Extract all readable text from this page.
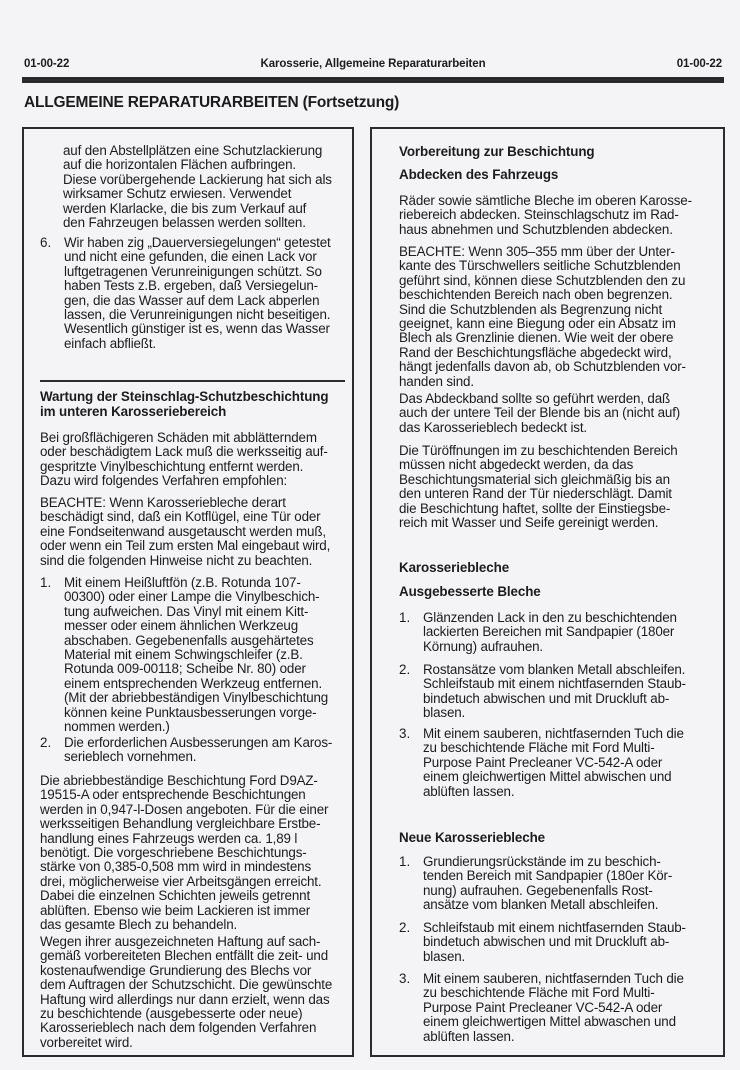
01-00-22	Karosserie, Allgemeine Reparaturarbeiten	01-00-22
ALLGEMEINE REPARATURARBEITEN (Fortsetzung)
auf den Abstellplätzen eine Schutzlackierung
auf die horizontalen Flächen aufbringen.
Diese vorübergehende Lackierung hat sich als
wirksamer Schutz erwiesen. Verwendet
werden Klarlacke, die bis zum Verkauf auf
den Fahrzeugen belassen werden sollten.
6. Wir haben zig „Dauerversiegelungen“ getestet
und nicht eine gefunden, die einen Lack vor
luftgetragenen Verunreinigungen schützt. So
haben Tests z.B. ergeben, daß Versiegelun-
gen, die das Wasser auf dem Lack abperlen
lassen, die Verunreinigungen nicht beseitigen.
Wesentlich günstiger ist es, wenn das Wasser
einfach abfließt.
Wartung der Steinschlag-Schutzbeschichtung
im unteren Karosseriebereich
Bei großflächigeren Schäden mit abblätterndem
oder beschädigtem Lack muß die werksseitig auf-
gespritzte Vinylbeschichtung entfernt werden.
Dazu wird folgendes Verfahren empfohlen:
BEACHTE: Wenn Karosseriebleche derart
beschädigt sind, daß ein Kotflügel, eine Tür oder
eine Fondseitenwand ausgetauscht werden muß,
oder wenn ein Teil zum ersten Mal eingebaut wird,
sind die folgenden Hinweise nicht zu beachten.
1. Mit einem Heißluftfön (z.B. Rotunda 107-
00300) oder einer Lampe die Vinylbeschich-
tung aufweichen. Das Vinyl mit einem Kitt-
messer oder einem ähnlichen Werkzeug
abschaben. Gegebenenfalls ausgehärtetes
Material mit einem Schwingschleifer (z.B.
Rotunda 009-00118; Scheibe Nr. 80) oder
einem entsprechenden Werkzeug entfernen.
(Mit der abriebbeständigen Vinylbeschichtung
können keine Punktausbesserungen vorge-
nommen werden.)
2. Die erforderlichen Ausbesserungen am Karos-
serieblech vornehmen.
Die abriebbeständige Beschichtung Ford D9AZ-
19515-A oder entsprechende Beschichtungen
werden in 0,947-l-Dosen angeboten. Für die einer
werksseitigen Behandlung vergleichbare Erstbe-
handlung eines Fahrzeugs werden ca. 1,89 l
benötigt. Die vorgeschriebene Beschichtungs-
stärke von 0,385-0,508 mm wird in mindestens
drei, möglicherweise vier Arbeitsgängen erreicht.
Dabei die einzelnen Schichten jeweils getrennt
ablüften. Ebenso wie beim Lackieren ist immer
das gesamte Blech zu behandeln.
Wegen ihrer ausgezeichneten Haftung auf sach-
gemäß vorbereiteten Blechen entfällt die zeit- und
kostenaufwendige Grundierung des Blechs vor
dem Auftragen der Schutzschicht. Die gewünschte
Haftung wird allerdings nur dann erzielt, wenn das
zu beschichtende (ausgebesserte oder neue)
Karosserieblech nach dem folgenden Verfahren
vorbereitet wird.
Vorbereitung zur Beschichtung
Abdecken des Fahrzeugs
Räder sowie sämtliche Bleche im oberen Karosse-
riebereich abdecken. Steinschlagschutz im Rad-
haus abnehmen und Schutzblenden abdecken.
BEACHTE: Wenn 305–355 mm über der Unter-
kante des Türschwellers seitliche Schutzblenden
geführt sind, können diese Schutzblenden den zu
beschichtenden Bereich nach oben begrenzen.
Sind die Schutzblenden als Begrenzung nicht
geeignet, kann eine Biegung oder ein Absatz im
Blech als Grenzlinie dienen. Wie weit der obere
Rand der Beschichtungsfläche abgedeckt wird,
hängt jedenfalls davon ab, ob Schutzblenden vor-
handen sind.
Das Abdeckband sollte so geführt werden, daß
auch der untere Teil der Blende bis an (nicht auf)
das Karosserieblech bedeckt ist.
Die Türöffnungen im zu beschichtenden Bereich
müssen nicht abgedeckt werden, da das
Beschichtungsmaterial sich gleichmäßig bis an
den unteren Rand der Tür niederschlägt. Damit
die Beschichtung haftet, sollte der Einstiegsbe-
reich mit Wasser und Seife gereinigt werden.
Karosseriebleche
Ausgebesserte Bleche
1. Glänzenden Lack in den zu beschichtenden
lackierten Bereichen mit Sandpapier (180er
Körnung) aufrauhen.
2. Rostansätze vom blanken Metall abschleifen.
Schleifstaub mit einem nichtfasernden Staub-
bindetuch abwischen und mit Druckluft ab-
blasen.
3. Mit einem sauberen, nichtfasernden Tuch die
zu beschichtende Fläche mit Ford Multi-
Purpose Paint Precleaner VC-542-A oder
einem gleichwertigen Mittel abwischen und
ablüften lassen.
Neue Karosseriebleche
1. Grundierungsrückstände im zu beschich-
tenden Bereich mit Sandpapier (180er Kör-
nung) aufrauhen. Gegebenenfalls Rost-
ansätze vom blanken Metall abschleifen.
2. Schleifstaub mit einem nichtfasernden Staub-
bindetuch abwischen und mit Druckluft ab-
blasen.
3. Mit einem sauberen, nichtfasernden Tuch die
zu beschichtende Fläche mit Ford Multi-
Purpose Paint Precleaner VC-542-A oder
einem gleichwertigen Mittel abwaschen und
ablüften lassen.
